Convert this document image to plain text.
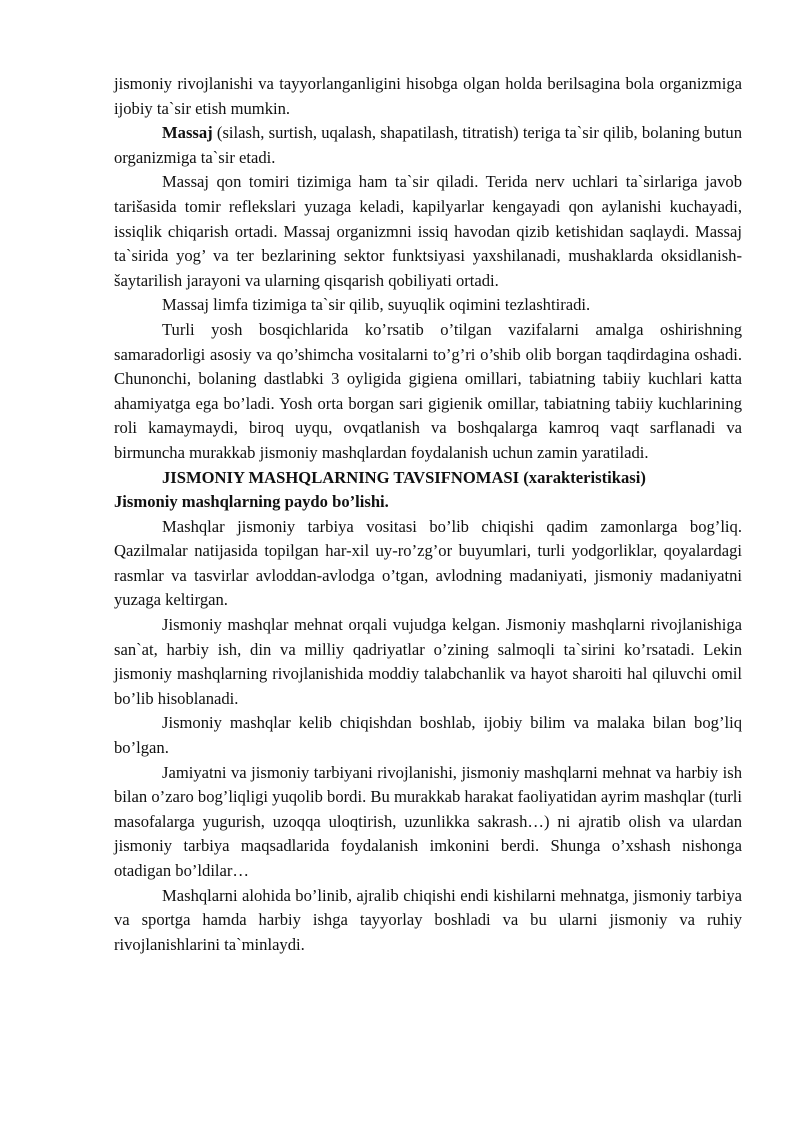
jismoniy rivojlanishi va tayyorlanganligini hisobga olgan holda berilsagina bola organizmiga ijobiy ta`sir etish mumkin.

Massaj (silash, surtish, uqalash, shapatilash, titratish) teriga ta`sir qilib, bolaning butun organizmiga ta`sir etadi.

Massaj qon tomiri tizimiga ham ta`sir qiladi. Terida nerv uchlari ta`sirlariga javob tarišasida tomir reflekslari yuzaga keladi, kapilyarlar kengayadi qon aylanishi kuchayadi, issiqlik chiqarish ortadi. Massaj organizmni issiq havodan qizib ketishidan saqlaydi. Massaj ta`sirida yog’ va ter bezlarining sektor funktsiyasi yaxshilanadi, mushaklarda oksidlanish-šaytarilish jarayoni va ularning qisqarish qobiliyati ortadi.

Massaj limfa tizimiga ta`sir qilib, suyuqlik oqimini tezlashtiradi.

Turli yosh bosqichlarida ko’rsatib o’tilgan vazifalarni amalga oshirishning samaradorligi asosiy va qo’shimcha vositalarni to’g’ri o’shib olib borgan taqdirdagina oshadi. Chunonchi, bolaning dastlabki 3 oyligida gigiena omillari, tabiatning tabiiy kuchlari katta ahamiyatga ega bo’ladi. Yosh orta borgan sari gigienik omillar, tabiatning tabiiy kuchlarining roli kamaymaydi, biroq uyqu, ovqatlanish va boshqalarga kamroq vaqt sarflanadi va birmuncha murakkab jismoniy mashqlardan foydalanish uchun zamin yaratiladi.

JISMONIY MASHQLARNING TAVSIFNOMASI (xarakteristikasi)

Jismoniy mashqlarning paydo bo’lishi.

Mashqlar jismoniy tarbiya vositasi bo’lib chiqishi qadim zamonlarga bog’liq. Qazilmalar natijasida topilgan har-xil uy-ro’zg’or buyumlari, turli yodgorliklar, qoyalardagi rasmlar va tasvirlar avloddan-avlodga o’tgan, avlodning madaniyati, jismoniy madaniyatni yuzaga keltirgan.

Jismoniy mashqlar mehnat orqali vujudga kelgan. Jismoniy mashqlarni rivojlanishiga san`at, harbiy ish, din va milliy qadriyatlar o’zining salmoqli ta`sirini ko’rsatadi. Lekin jismoniy mashqlarning rivojlanishida moddiy talabchanlik va hayot sharoiti hal qiluvchi omil bo’lib hisoblanadi.

Jismoniy mashqlar kelib chiqishdan boshlab, ijobiy bilim va malaka bilan bog’liq bo’lgan.

Jamiyatni va jismoniy tarbiyani rivojlanishi, jismoniy mashqlarni mehnat va harbiy ish bilan o’zaro bog’liqligi yuqolib bordi. Bu murakkab harakat faoliyatidan ayrim mashqlar (turli masofalarga yugurish, uzoqqa uloqtirish, uzunlikka sakrash…) ni ajratib olish va ulardan jismoniy tarbiya maqsadlarida foydalanish imkonini berdi. Shunga o’xshash nishonga otadigan bo’ldilar…

Mashqlarni alohida bo’linib, ajralib chiqishi endi kishilarni mehnatga, jismoniy tarbiya va sportga hamda harbiy ishga tayyorlay boshladi va bu ularni jismoniy va ruhiy rivojlanishlarini ta`minlaydi.
